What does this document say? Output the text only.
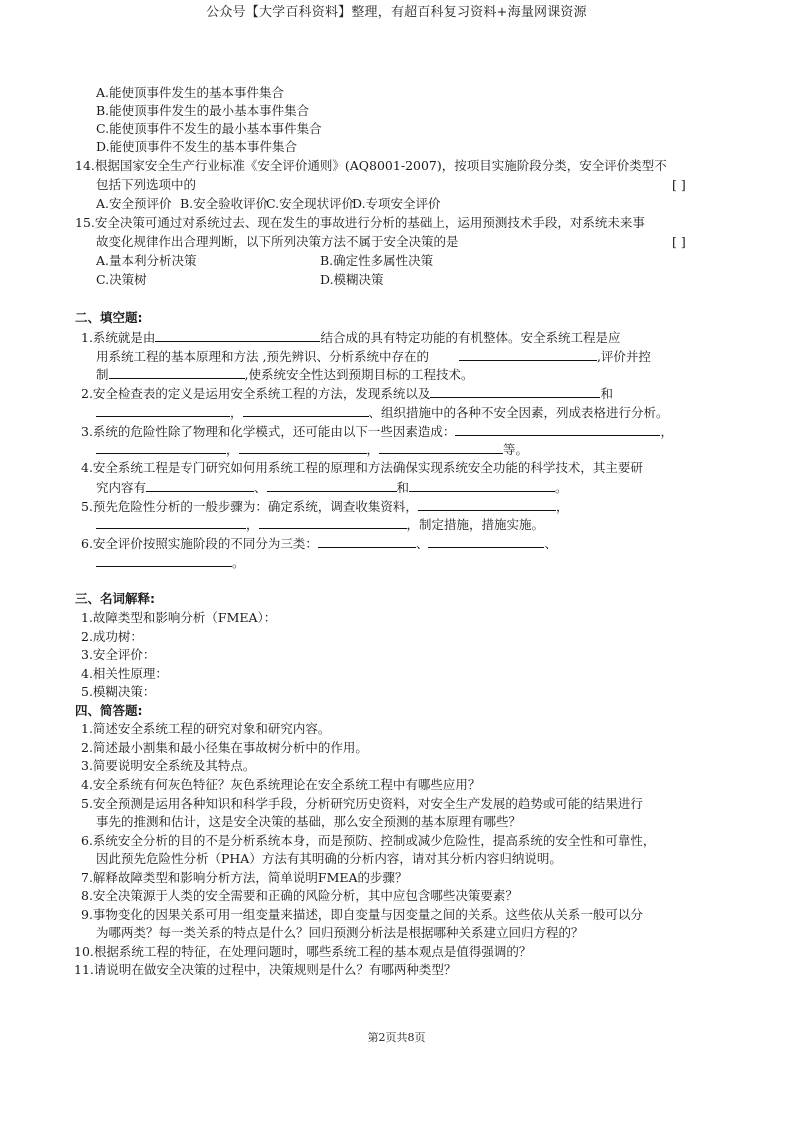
公众号【大学百科资料】整理，有超百科复习资料+海量网课资源
A.能使顶事件发生的基本事件集合
B.能使顶事件发生的最小基本事件集合
C.能使顶事件不发生的最小基本事件集合
D.能使顶事件不发生的基本事件集合
14.根据国家安全生产行业标准《安全评价通则》(AQ8001-2007)，按项目实施阶段分类，安全评价类型不
包括下列选项中的	[ ]
A.安全预评价 B.安全验收评价C.安全现状评价D.专项安全评价
15.安全决策可通过对系统过去、现在发生的事故进行分析的基础上，运用预测技术手段，对系统未来事
故变化规律作出合理判断，以下所列决策方法不属于安全决策的是	[ ]
A.量本利分析决策	B.确定性多属性决策
C.决策树	D.模糊决策
二、填空题:
1.系统就是由	结合成的具有特定功能的有机整体。安全系统工程是应
用系统工程的基本原理和方法 ,预先辨识、分析系统中存在的	,评价并控
制	,使系统安全性达到预期目标的工程技术。
2.安全检查表的定义是运用安全系统工程的方法，发现系统以及	和
，	、组织措施中的各种不安全因素，列成表格进行分析。
3.系统的危险性除了物理和化学模式，还可能由以下一些因素造成：	，
，	，	等。
4.安全系统工程是专门研究如何用系统工程的原理和方法确保实现系统安全功能的科学技术，其主要研
究内容有	、	和	。
5.预先危险性分析的一般步骤为：确定系统，调查收集资料，	，
，	，制定措施，措施实施。
6.安全评价按照实施阶段的不同分为三类：	、	、
。
三、名词解释:
1.故障类型和影响分析（FMEA）：
2.成功树：
3.安全评价：
4.相关性原理：
5.模糊决策：
四、简答题:
1.简述安全系统工程的研究对象和研究内容。
2.简述最小割集和最小径集在事故树分析中的作用。
3.简要说明安全系统及其特点。
4.安全系统有何灰色特征？灰色系统理论在安全系统工程中有哪些应用？
5.安全预测是运用各种知识和科学手段，分析研究历史资料，对安全生产发展的趋势或可能的结果进行
事先的推测和估计，这是安全决策的基础，那么安全预测的基本原理有哪些？
6.系统安全分析的目的不是分析系统本身，而是预防、控制或减少危险性，提高系统的安全性和可靠性，
因此预先危险性分析（PHA）方法有其明确的分析内容，请对其分析内容归纳说明。
7.解释故障类型和影响分析方法，简单说明FMEA的步骤？
8.安全决策源于人类的安全需要和正确的风险分析，其中应包含哪些决策要素？
9.事物变化的因果关系可用一组变量来描述，即自变量与因变量之间的关系。这些依从关系一般可以分
为哪两类？每一类关系的特点是什么？回归预测分析法是根据哪种关系建立回归方程的？
10.根据系统工程的特征，在处理问题时，哪些系统工程的基本观点是值得强调的？
11.请说明在做安全决策的过程中，决策规则是什么？有哪两种类型？
第2页共8页
